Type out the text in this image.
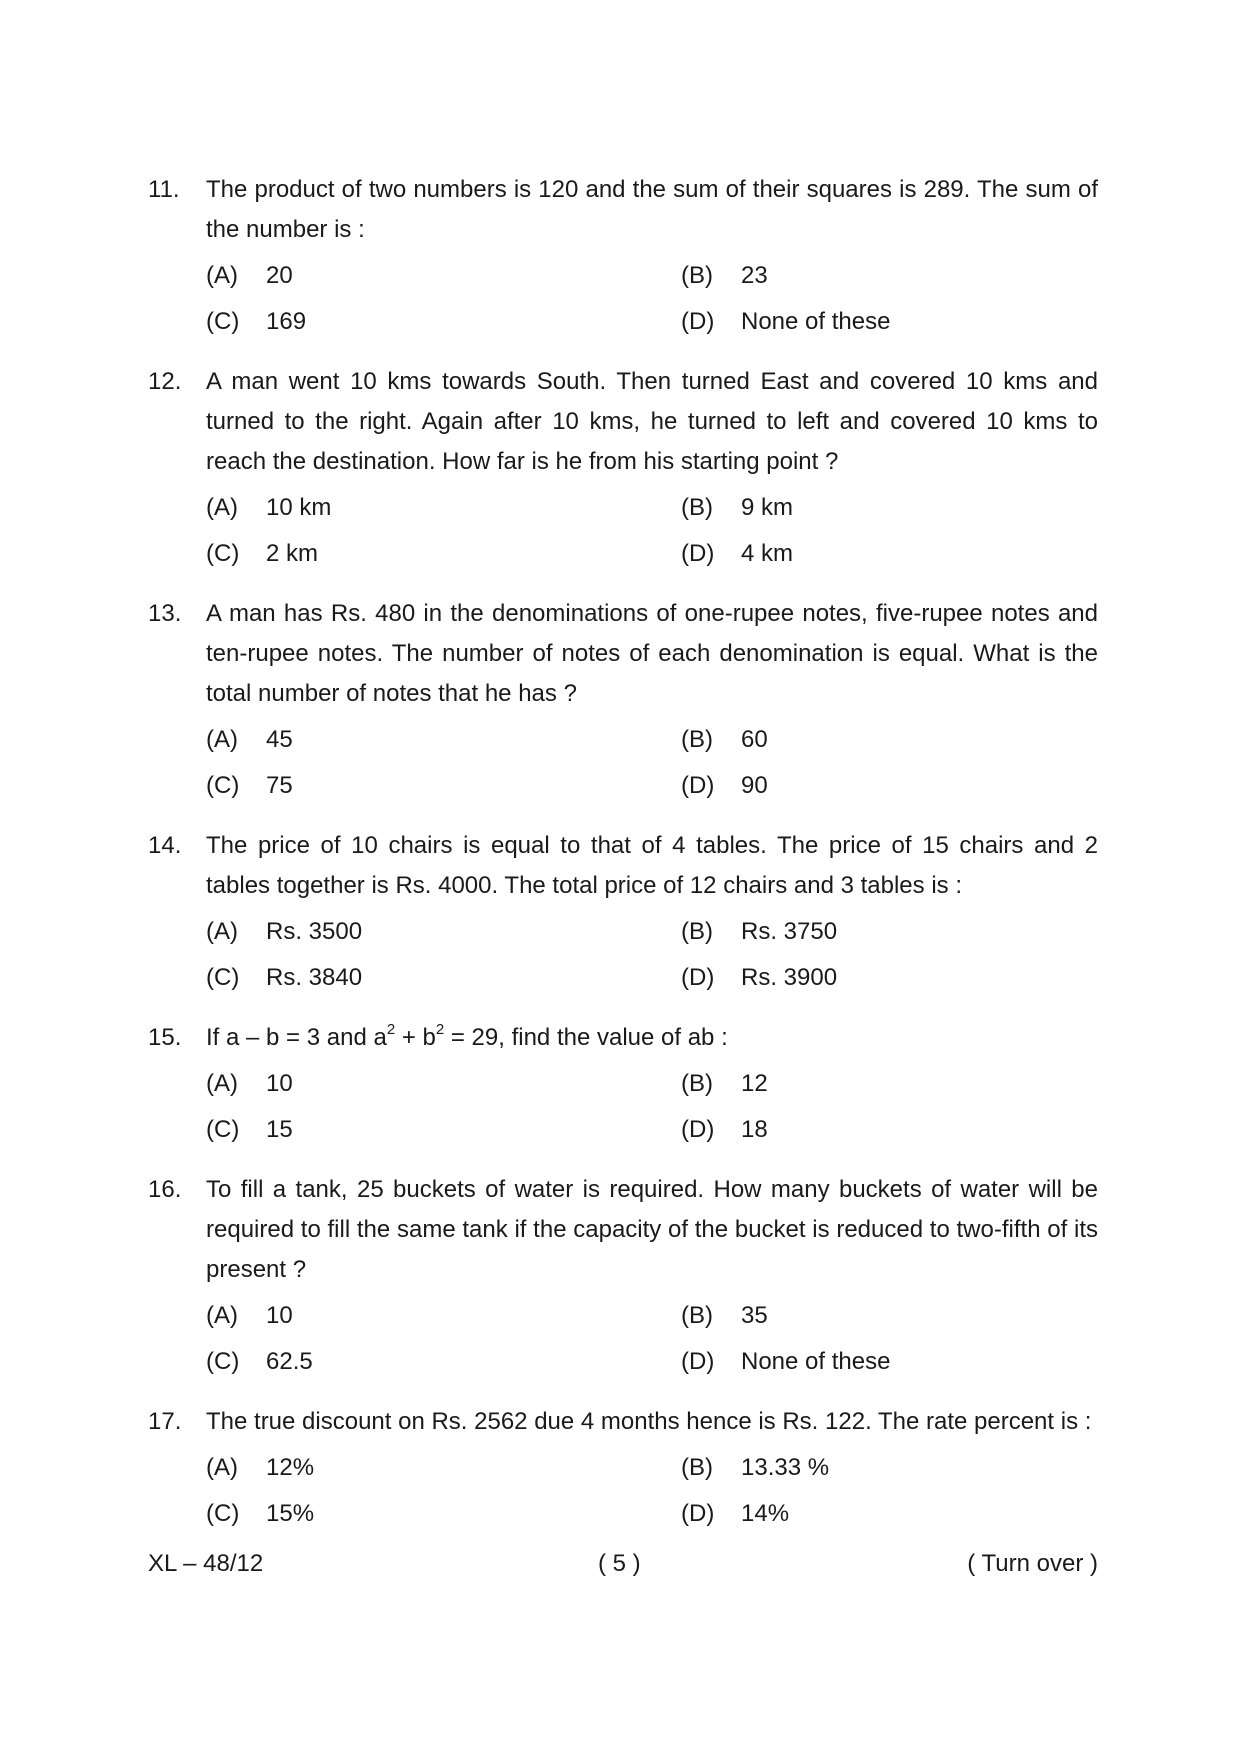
11. The product of two numbers is 120 and the sum of their squares is 289. The sum of the number is :
(A)	20	(B)	23
(C)	169	(D)	None of these
12. A man went 10 kms towards South. Then turned East and covered 10 kms and turned to the right. Again after 10 kms, he turned to left and covered 10 kms to reach the destination. How far is he from his starting point ?
(A)	10 km	(B)	9 km
(C)	2 km	(D)	4 km
13. A man has Rs. 480 in the denominations of one-rupee notes, five-rupee notes and ten-rupee notes. The number of notes of each denomination is equal. What is the total number of notes that he has ?
(A)	45	(B)	60
(C)	75	(D)	90
14. The price of 10 chairs is equal to that of 4 tables. The price of 15 chairs and 2 tables together is Rs. 4000. The total price of 12 chairs and 3 tables is :
(A)	Rs. 3500	(B)	Rs. 3750
(C)	Rs. 3840	(D)	Rs. 3900
15. If a – b = 3 and $a^2 + b^2 = 29$, find the value of ab :
(A)	10	(B)	12
(C)	15	(D)	18
16. To fill a tank, 25 buckets of water is required. How many buckets of water will be required to fill the same tank if the capacity of the bucket is reduced to two-fifth of its present ?
(A)	10	(B)	35
(C)	62.5	(D)	None of these
17. The true discount on Rs. 2562 due 4 months hence is Rs. 122. The rate percent is :
(A)	12%	(B)	13.33 %
(C)	15%	(D)	14%
XL – 48/12	( 5 )	( Turn over )
